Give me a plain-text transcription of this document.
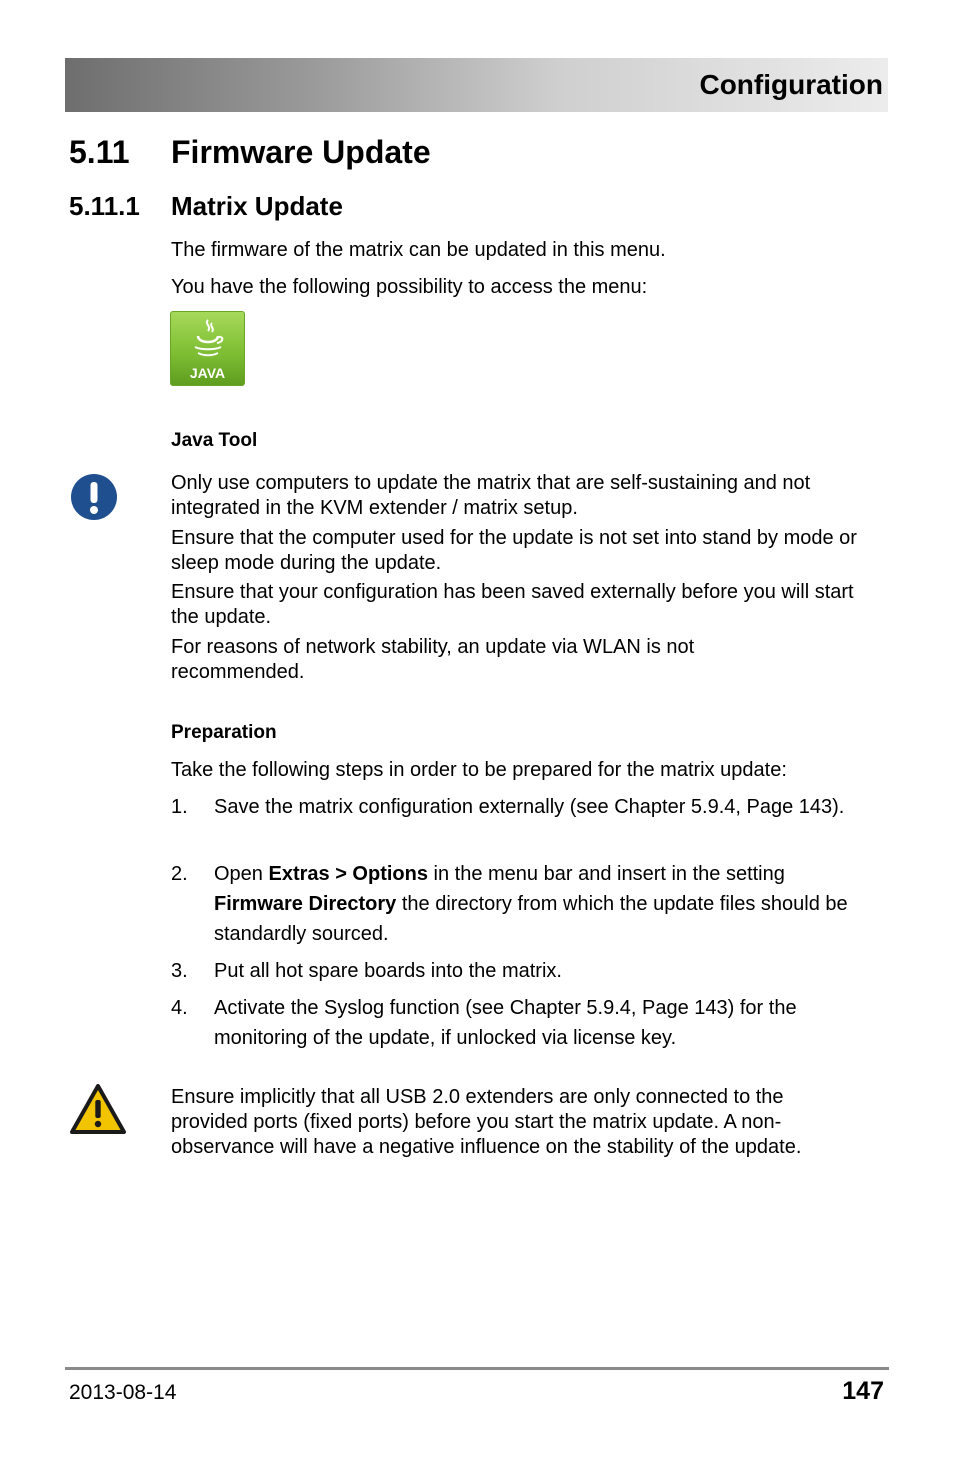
Configuration
5.11 Firmware Update
5.11.1 Matrix Update
The firmware of the matrix can be updated in this menu.
You have the following possibility to access the menu:
JAVA
Java Tool
Only use computers to update the matrix that are self-sustaining and not integrated in the KVM extender / matrix setup.
Ensure that the computer used for the update is not set into stand by mode or sleep mode during the update.
Ensure that your configuration has been saved externally before you will start the update.
For reasons of network stability, an update via WLAN is not recommended.
Preparation
Take the following steps in order to be prepared for the matrix update:
1. Save the matrix configuration externally (see Chapter 5.9.4, Page 143).
2. Open Extras > Options in the menu bar and insert in the setting Firmware Directory the directory from which the update files should be standardly sourced.
3. Put all hot spare boards into the matrix.
4. Activate the Syslog function (see Chapter 5.9.4, Page 143) for the monitoring of the update, if unlocked via license key.
Ensure implicitly that all USB 2.0 extenders are only connected to the provided ports (fixed ports) before you start the matrix update. A non-observance will have a negative influence on the stability of the update.
2013-08-14	147
